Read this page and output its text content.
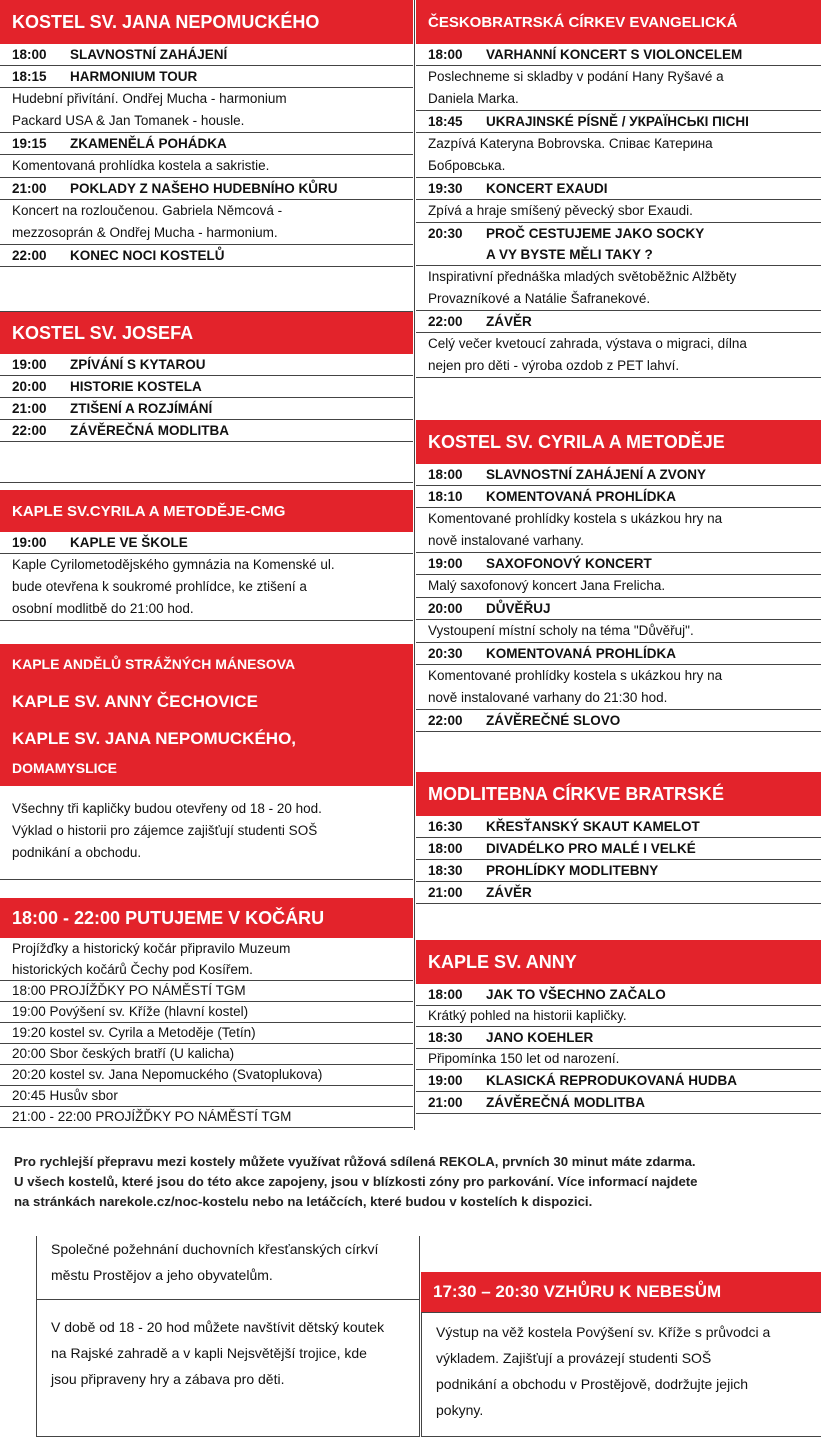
KOSTEL SV. JANA NEPOMUCKÉHO
18:00 SLAVNOSTNÍ ZAHÁJENÍ
18:15 HARMONIUM TOUR
Hudební přivítání. Ondřej Mucha - harmonium
Packard USA & Jan Tomanek - housle.
19:15 ZKAMENĚLÁ POHÁDKA
Komentovaná prohlídka kostela a sakristie.
21:00 POKLADY Z NAŠEHO HUDEBNÍHO KŮRU
Koncert na rozloučenou. Gabriela Němcová -
mezzosoprán & Ondřej Mucha - harmonium.
22:00 KONEC NOCI KOSTELŮ
KOSTEL SV. JOSEFA
19:00 ZPÍVÁNÍ S KYTAROU
20:00 HISTORIE KOSTELA
21:00 ZTIŠENÍ A ROZJÍMÁNÍ
22:00 ZÁVĚREČNÁ MODLITBA
KAPLE SV.CYRILA A METODĚJE-CMG
19:00 KAPLE VE ŠKOLE
Kaple Cyrilometodějského gymnázia na Komenské ul.
bude otevřena k soukromé prohlídce, ke ztišení a
osobní modlitbě do 21:00 hod.
KAPLE ANDĚLŮ STRÁŽNÝCH MÁNESOVA
KAPLE SV. ANNY ČECHOVICE
KAPLE SV. JANA NEPOMUCKÉHO,
DOMAMYSLICE
Všechny tři kapličky budou otevřeny od 18 - 20 hod.
Výklad o historii pro zájemce zajišťují studenti SOŠ
podnikání a obchodu.
18:00 - 22:00 PUTUJEME V KOČÁRU
Projížďky a historický kočár připravilo Muzeum
historických kočárů Čechy pod Kosířem.
18:00 PROJÍŽĎKY PO NÁMĚSTÍ TGM
19:00 Povýšení sv. Kříže (hlavní kostel)
19:20 kostel sv. Cyrila a Metoděje (Tetín)
20:00 Sbor českých bratří (U kalicha)
20:20 kostel sv. Jana Nepomuckého (Svatoplukova)
20:45 Husův sbor
21:00 - 22:00 PROJÍŽĎKY PO NÁMĚSTÍ TGM
ČESKOBRATRSKÁ CÍRKEV EVANGELICKÁ
18:00 VARHANNÍ KONCERT S VIOLONCELEM
Poslechneme si skladby v podání Hany Ryšavé a
Daniela Marka.
18:45 UKRAJINSKÉ PÍSNĚ / УКРАЇНСЬКІ ПІСНІ
Zazpívá Kateryna Bobrovska. Співає Катерина
Бобровська.
19:30 KONCERT EXAUDI
Zpívá a hraje smíšený pěvecký sbor Exaudi.
20:30 PROČ CESTUJEME JAKO SOCKY
A VY BYSTE MĚLI TAKY ?
Inspirativní přednáška mladých světoběžnic Alžběty
Provazníkové a Natálie Šafranekové.
22:00 ZÁVĚR
Celý večer kvetoucí zahrada, výstava o migraci, dílna
nejen pro děti - výroba ozdob z PET lahví.
KOSTEL SV. CYRILA A METODĚJE
18:00 SLAVNOSTNÍ ZAHÁJENÍ A ZVONY
18:10 KOMENTOVANÁ PROHLÍDKA
Komentované prohlídky kostela s ukázkou hry na
nově instalované varhany.
19:00 SAXOFONOVÝ KONCERT
Malý saxofonový koncert Jana Frelicha.
20:00 DŮVĚŘUJ
Vystoupení místní scholy na téma "Důvěřuj".
20:30 KOMENTOVANÁ PROHLÍDKA
Komentované prohlídky kostela s ukázkou hry na
nově instalované varhany do 21:30 hod.
22:00 ZÁVĚREČNÉ SLOVO
MODLITEBNA CÍRKVE BRATRSKÉ
16:30 KŘESŤANSKÝ SKAUT KAMELOT
18:00 DIVADÉLKO PRO MALÉ I VELKÉ
18:30 PROHLÍDKY MODLITEBNY
21:00 ZÁVĚR
KAPLE SV. ANNY
18:00 JAK TO VŠECHNO ZAČALO
Krátký pohled na historii kapličky.
18:30 JANO KOEHLER
Připomínka 150 let od narození.
19:00 KLASICKÁ REPRODUKOVANÁ HUDBA
21:00 ZÁVĚREČNÁ MODLITBA
Pro rychlejší přepravu mezi kostely můžete využívat růžová sdílená REKOLA, prvních 30 minut máte zdarma.
U všech kostelů, které jsou do této akce zapojeny, jsou v blízkosti zóny pro parkování. Více informací najdete
na stránkách narekole.cz/noc-kostelu nebo na letáčcích, které budou v kostelích k dispozici.
Společné požehnání duchovních křesťanských církví
městu Prostějov a jeho obyvatelům.
V době od 18 - 20 hod můžete navštívit dětský koutek
na Rajské zahradě a v kapli Nejsvětější trojice, kde
jsou připraveny hry a zábava pro děti.
17:30 – 20:30 VZHŮRU K NEBESŮM
Výstup na věž kostela Povýšení sv. Kříže s průvodci a
výkladem. Zajišťují a provázejí studenti SOŠ
podnikání a obchodu v Prostějově, dodržujte jejich
pokyny.
